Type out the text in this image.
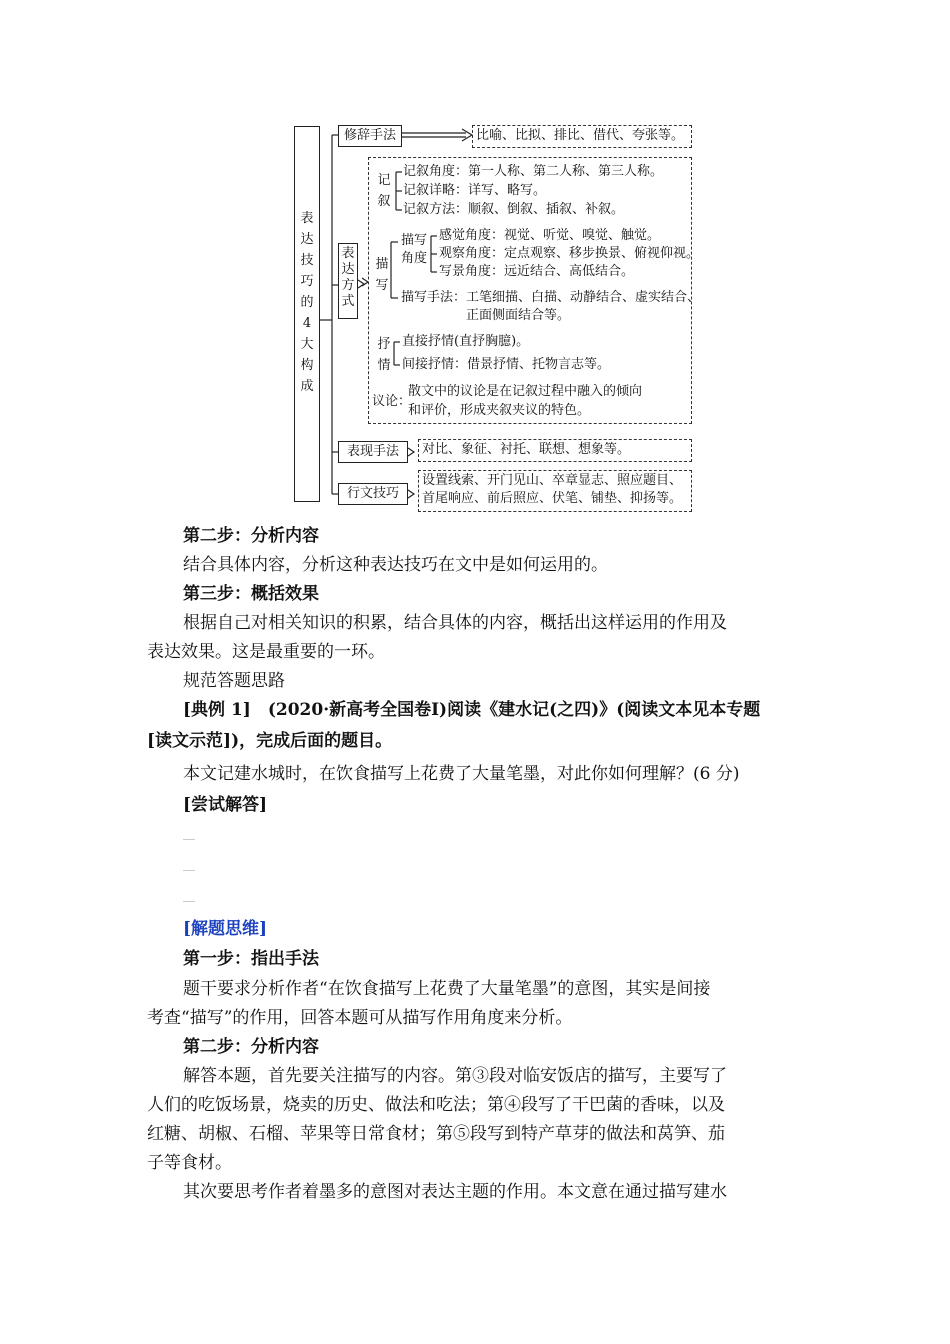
表达技巧的4大构成
修辞手法	比喻、比拟、排比、借代、夸张等。
表达方式
记叙
记叙角度：第一人称、第二人称、第三人称。
记叙详略：详写、略写。
记叙方法：顺叙、倒叙、插叙、补叙。
描写
描写角度
感觉角度：视觉、听觉、嗅觉、触觉。
观察角度：定点观察、移步换景、俯视仰视。
写景角度：远近结合、高低结合。
描写手法：工笔细描、白描、动静结合、虚实结合、
正面侧面结合等。
抒情
直接抒情(直抒胸臆)。
间接抒情：借景抒情、托物言志等。
议论：
散文中的议论是在记叙过程中融入的倾向
和评价，形成夹叙夹议的特色。
表现手法	对比、象征、衬托、联想、想象等。
行文技巧
设置线索、开门见山、卒章显志、照应题目、
首尾响应、前后照应、伏笔、铺垫、抑扬等。
第二步：分析内容
结合具体内容，分析这种表达技巧在文中是如何运用的。
第三步：概括效果
根据自己对相关知识的积累，结合具体的内容，概括出这样运用的作用及
表达效果。这是最重要的一环。
规范答题思路
[典例 1]　(2020·新高考全国卷Ⅰ)阅读《建水记(之四)》(阅读文本见本专题
[读文示范])，完成后面的题目。
本文记建水城时，在饮食描写上花费了大量笔墨，对此你如何理解？(6 分)
[尝试解答]
……
……
……
[解题思维]
第一步：指出手法
题干要求分析作者“在饮食描写上花费了大量笔墨”的意图，其实是间接
考查“描写”的作用，回答本题可从描写作用角度来分析。
第二步：分析内容
解答本题，首先要关注描写的内容。第③段对临安饭店的描写，主要写了
人们的吃饭场景，烧卖的历史、做法和吃法；第④段写了干巴菌的香味，以及
红糖、胡椒、石榴、苹果等日常食材；第⑤段写到特产草芽的做法和莴笋、茄
子等食材。
其次要思考作者着墨多的意图对表达主题的作用。本文意在通过描写建水
